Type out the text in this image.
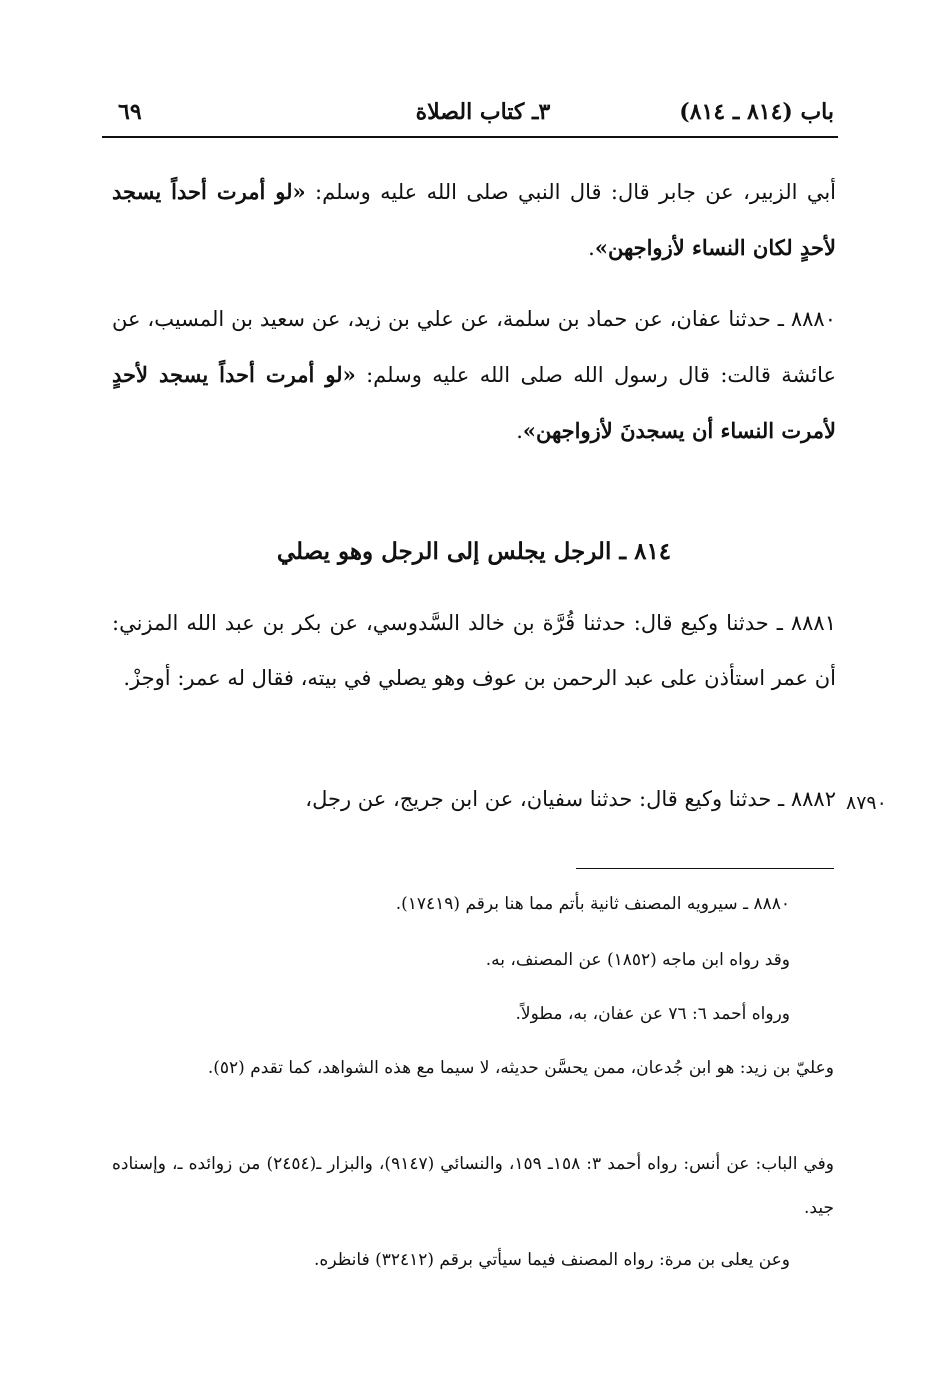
باب (٨١٤ ـ ٨١٤)
٣ـ كتاب الصلاة
٦٩
أبي الزبير، عن جابر قال: قال النبي صلى الله عليه وسلم: «لو أمرت أحداً يسجد لأحدٍ لكان النساء لأزواجهن».
٨٨٨٠ ـ حدثنا عفان، عن حماد بن سلمة، عن علي بن زيد، عن سعيد بن المسيب، عن عائشة قالت: قال رسول الله صلى الله عليه وسلم: «لو أمرت أحداً يسجد لأحدٍ لأمرت النساء أن يسجدنَ لأزواجهن».
٨١٤ ـ الرجل يجلس إلى الرجل وهو يصلي
٨٨٨١ ـ حدثنا وكيع قال: حدثنا قُرَّة بن خالد السَّدوسي، عن بكر بن عبد الله المزني: أن عمر استأذن على عبد الرحمن بن عوف وهو يصلي في بيته، فقال له عمر: أوجزْ.
٨٨٨٢ ـ حدثنا وكيع قال: حدثنا سفيان، عن ابن جريج، عن رجل، ٨٧٩٠
٨٨٨٠ ـ سيرويه المصنف ثانية بأتم مما هنا برقم (١٧٤١٩).
وقد رواه ابن ماجه (١٨٥٢) عن المصنف، به.
ورواه أحمد ٦: ٧٦ عن عفان، به، مطولاً.
وعليّ بن زيد: هو ابن جُدعان، ممن يحسَّن حديثه، لا سيما مع هذه الشواهد، كما تقدم (٥٢).
وفي الباب: عن أنس: رواه أحمد ٣: ١٥٨ـ ١٥٩، والنسائي (٩١٤٧)، والبزار ـ(٢٤٥٤) من زوائده ـ، وإسناده جيد.
وعن يعلى بن مرة: رواه المصنف فيما سيأتي برقم (٣٢٤١٢) فانظره.
